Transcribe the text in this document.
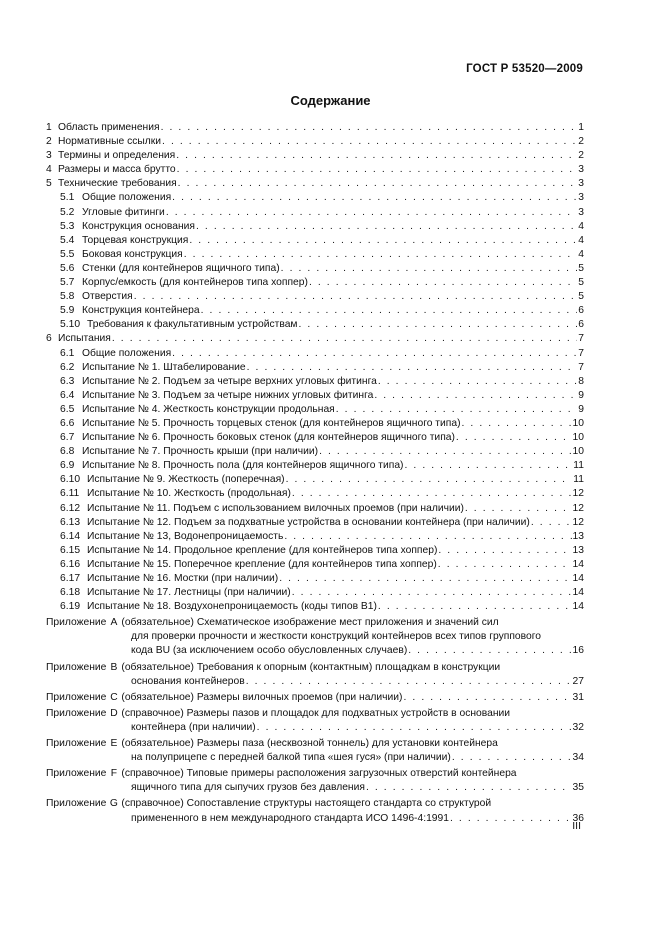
ГОСТ Р 53520—2009
Содержание
1 Область применения . . .	1
2 Нормативные ссылки . . .	2
3 Термины и определения . . .	2
4 Размеры и масса брутто . . .	3
5 Технические требования . . .	3
5.1 Общие положения . . .	3
5.2 Угловые фитинги . . .	3
5.3 Конструкция основания . . .	4
5.4 Торцевая конструкция . . .	4
5.5 Боковая конструкция . . .	4
5.6 Стенки (для контейнеров ящичного типа) . . .	5
5.7 Корпус/емкость (для контейнеров типа хоппер) . . .	5
5.8 Отверстия . . .	5
5.9 Конструкция контейнера . . .	6
5.10 Требования к факультативным устройствам . . .	6
6 Испытания . . .	7
6.1 Общие положения . . .	7
6.2 Испытание № 1. Штабелирование . . .	7
6.3 Испытание № 2. Подъем за четыре верхних угловых фитинга . . .	8
6.4 Испытание № 3. Подъем за четыре нижних угловых фитинга . . .	9
6.5 Испытание № 4. Жесткость конструкции продольная . . .	9
6.6 Испытание № 5. Прочность торцевых стенок (для контейнеров ящичного типа) . . .	10
6.7 Испытание № 6. Прочность боковых стенок (для контейнеров ящичного типа) . . .	10
6.8 Испытание № 7. Прочность крыши (при наличии) . . .	10
6.9 Испытание № 8. Прочность пола (для контейнеров ящичного типа) . . .	11
6.10 Испытание № 9. Жесткость (поперечная) . . .	11
6.11 Испытание № 10. Жесткость (продольная) . . .	12
6.12 Испытание № 11. Подъем с использованием вилочных проемов (при наличии) . . .	12
6.13 Испытание № 12. Подъем за подхватные устройства в основании контейнера (при наличии) . . .	12
6.14 Испытание № 13, Водонепроницаемость . . .	13
6.15 Испытание № 14. Продольное крепление (для контейнеров типа хоппер) . . .	13
6.16 Испытание № 15. Поперечное крепление (для контейнеров типа хоппер) . . .	14
6.17 Испытание № 16. Мостки (при наличии) . . .	14
6.18 Испытание № 17. Лестницы (при наличии) . . .	14
6.19 Испытание № 18. Воздухонепроницаемость (коды типов В1) . . .	14
Приложение A (обязательное) Схематическое изображение мест приложения и значений сил
для проверки прочности и жесткости конструкций контейнеров всех типов группового
кода BU (за исключением особо обусловленных случаев) . . .	16
Приложение B (обязательное) Требования к опорным (контактным) площадкам в конструкции
основания контейнеров . . .	27
Приложение C (обязательное) Размеры вилочных проемов (при наличии) . . .	31
Приложение D (справочное) Размеры пазов и площадок для подхватных устройств в основании
контейнера (при наличии) . . .	32
Приложение E (обязательное) Размеры паза (несквозной тоннель) для установки контейнера
на полуприцепе с передней балкой типа «шея гуся» (при наличии) . . .	34
Приложение F (справочное) Типовые примеры расположения загрузочных отверстий контейнера
ящичного типа для сыпучих грузов без давления . . .	35
Приложение G (справочное) Сопоставление структуры настоящего стандарта со структурой
примененного в нем международного стандарта ИСО 1496-4:1991 . . .	36
III
